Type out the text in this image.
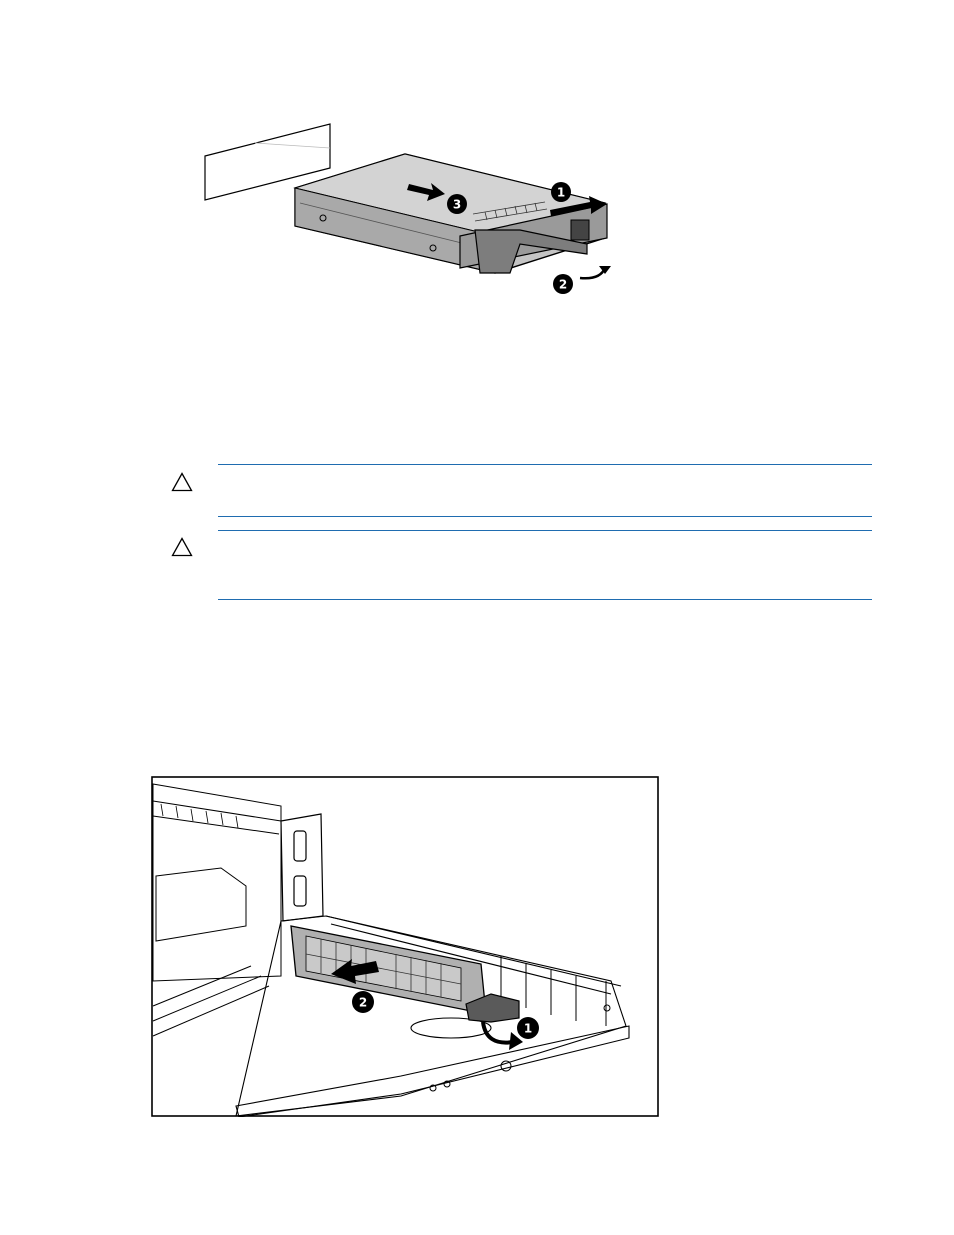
1
2
3
1
2
